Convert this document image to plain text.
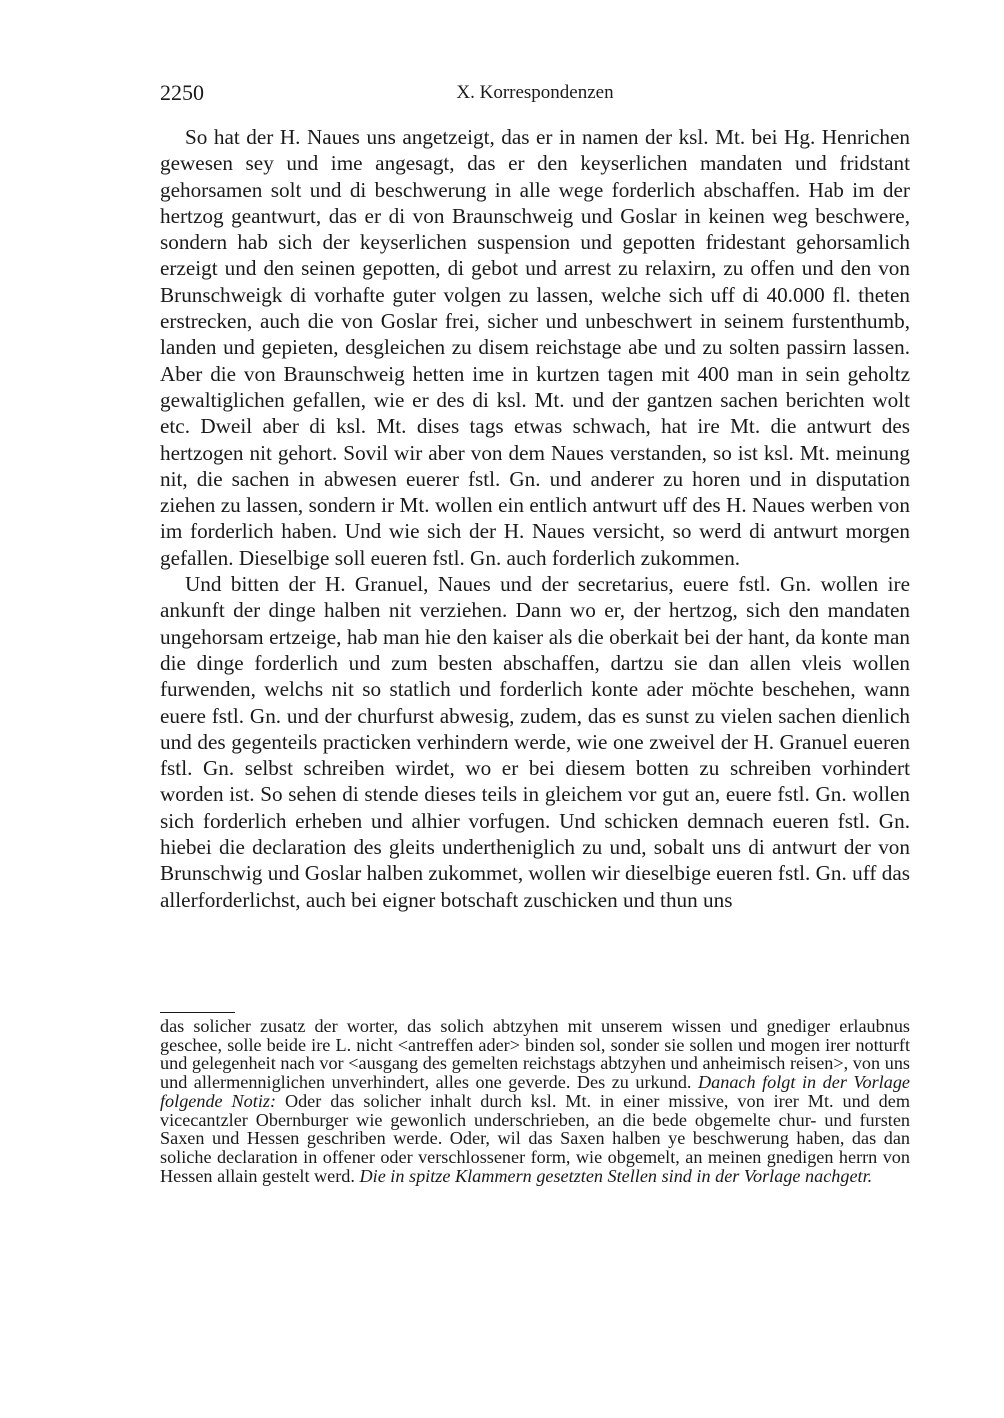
2250	X. Korrespondenzen

So hat der H. Naues uns angetzeigt, das er in namen der ksl. Mt. bei Hg. Henrichen gewesen sey und ime angesagt, das er den keyserlichen mandaten und fridstant gehorsamen solt und di beschwerung in alle wege forderlich abschaffen. Hab im der hertzog geantwurt, das er di von Braunschweig und Goslar in keinen weg beschwere, sondern hab sich der keyserlichen suspension und gepotten fridestant gehorsamlich erzeigt und den seinen gepotten, di gebot und arrest zu relaxirn, zu offen und den von Brunschweigk di vorhafte guter volgen zu lassen, welche sich uff di 40.000 fl. theten erstrecken, auch die von Goslar frei, sicher und unbeschwert in seinem furstenthumb, landen und gepieten, desgleichen zu disem reichstage abe und zu solten passirn lassen. Aber die von Braunschweig hetten ime in kurtzen tagen mit 400 man in sein geholtz gewaltiglichen gefallen, wie er des di ksl. Mt. und der gantzen sachen berichten wolt etc. Dweil aber di ksl. Mt. dises tags etwas schwach, hat ire Mt. die antwurt des hertzogen nit gehort. Sovil wir aber von dem Naues verstanden, so ist ksl. Mt. meinung nit, die sachen in abwesen euerer fstl. Gn. und anderer zu horen und in disputation ziehen zu lassen, sondern ir Mt. wollen ein entlich antwurt uff des H. Naues werben von im forderlich haben. Und wie sich der H. Naues versicht, so werd di antwurt morgen gefallen. Dieselbige soll eueren fstl. Gn. auch forderlich zukommen.

Und bitten der H. Granuel, Naues und der secretarius, euere fstl. Gn. wollen ire ankunft der dinge halben nit verziehen. Dann wo er, der hertzog, sich den mandaten ungehorsam ertzeige, hab man hie den kaiser als die oberkait bei der hant, da konte man die dinge forderlich und zum besten abschaffen, dartzu sie dan allen vleis wollen furwenden, welchs nit so statlich und forderlich konte ader möchte beschehen, wann euere fstl. Gn. und der churfurst abwesig, zudem, das es sunst zu vielen sachen dienlich und des gegenteils practicken verhindern werde, wie one zweivel der H. Granuel eueren fstl. Gn. selbst schreiben wirdet, wo er bei diesem botten zu schreiben vorhindert worden ist. So sehen di stende dieses teils in gleichem vor gut an, euere fstl. Gn. wollen sich forderlich erheben und alhier vorfugen. Und schicken demnach eueren fstl. Gn. hiebei die declaration des gleits undertheniglich zu und, sobalt uns di antwurt der von Brunschwig und Goslar halben zukommet, wollen wir dieselbige eueren fstl. Gn. uff das allerforderlichst, auch bei eigner botschaft zuschicken und thun uns

das solicher zusatz der worter, das solich abtzyhen mit unserem wissen und gnediger erlaubnus geschee, solle beide ire L. nicht <antreffen ader> binden sol, sonder sie sollen und mogen irer notturft und gelegenheit nach vor <ausgang des gemelten reichstags abtzyhen und anheimisch reisen>, von uns und allermenniglichen unverhindert, alles one geverde. Des zu urkund. Danach folgt in der Vorlage folgende Notiz: Oder das solicher inhalt durch ksl. Mt. in einer missive, von irer Mt. und dem vicecantzler Obernburger wie gewonlich underschrieben, an die bede obgemelte chur- und fursten Saxen und Hessen geschriben werde. Oder, wil das Saxen halben ye beschwerung haben, das dan soliche declaration in offener oder verschlossener form, wie obgemelt, an meinen gnedigen herrn von Hessen allain gestelt werd. Die in spitze Klammern gesetzten Stellen sind in der Vorlage nachgetr.
